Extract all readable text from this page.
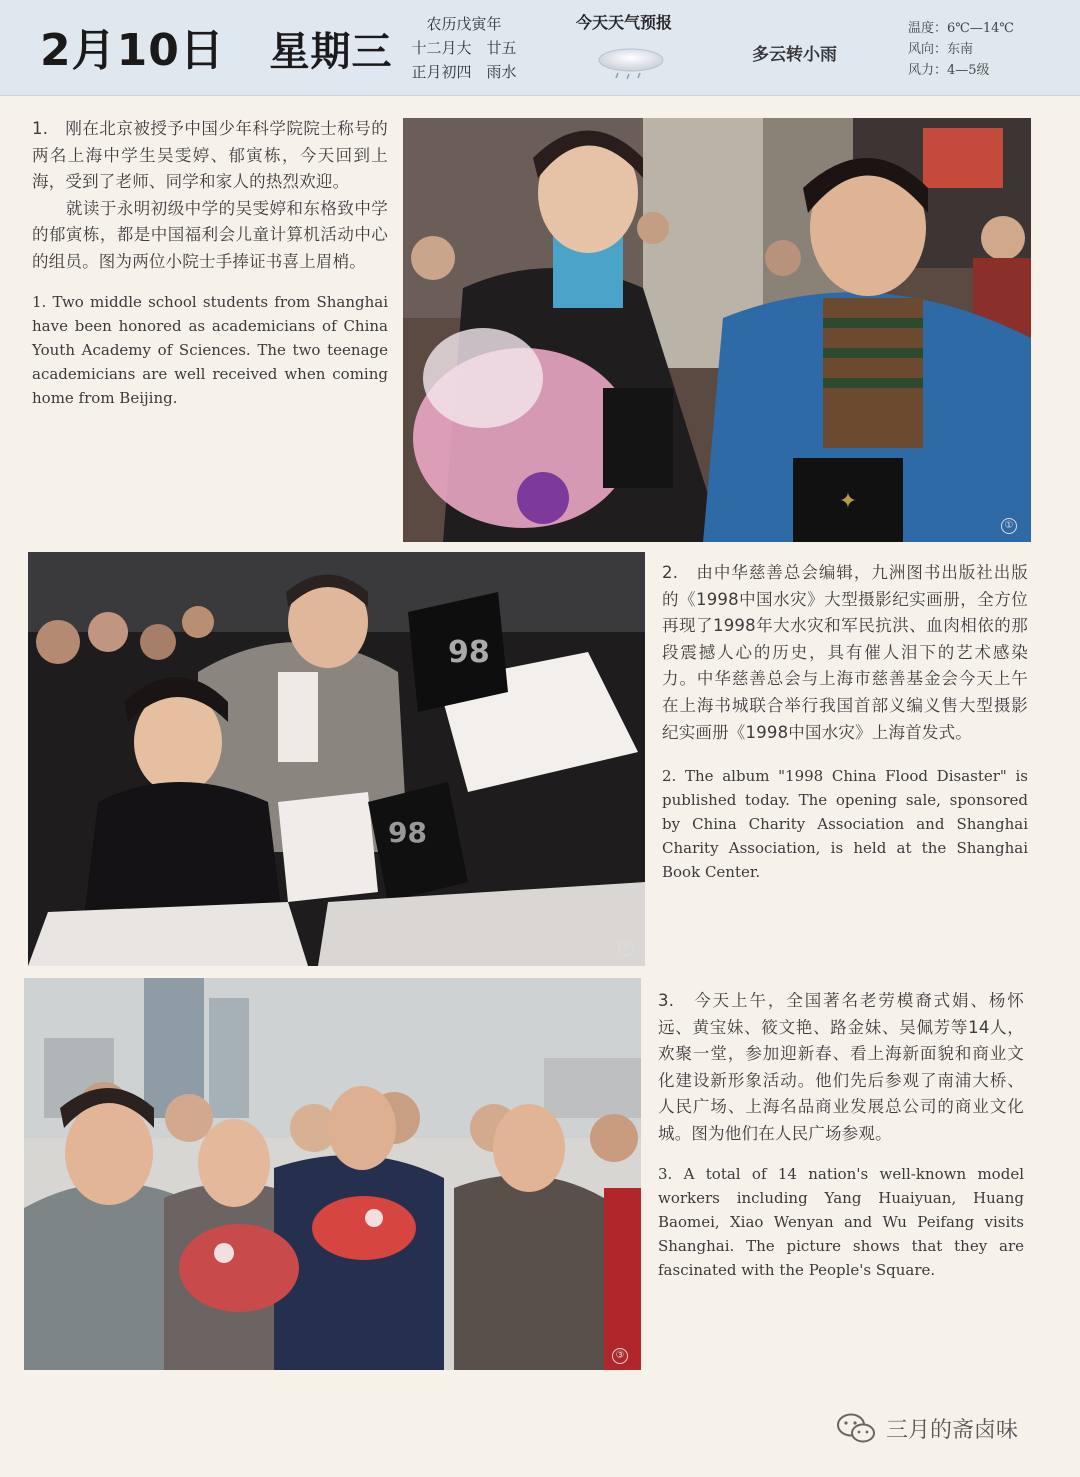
2月10日 星期三
农历戊寅年
十二月大　廿五
正月初四　雨水
今天天气预报
多云转小雨
温度：6℃—14℃
风向：东南
风力：4—5级

1.　刚在北京被授予中国少年科学院院士称号的两名上海中学生吴雯婷、郁寅栋，今天回到上海，受到了老师、同学和家人的热烈欢迎。

　　就读于永明初级中学的吴雯婷和东格致中学的郁寅栋，都是中国福利会儿童计算机活动中心的组员。图为两位小院士手捧证书喜上眉梢。

1. Two middle school students from Shanghai have been honored as academicians of China Youth Academy of Sciences. The two teenage academicians are well received when coming home from Beijing.

✦
①
98
98
②

2.　由中华慈善总会编辑，九洲图书出版社出版的《1998中国水灾》大型摄影纪实画册，全方位再现了1998年大水灾和军民抗洪、血肉相依的那段震撼人心的历史，具有催人泪下的艺术感染力。中华慈善总会与上海市慈善基金会今天上午在上海书城联合举行我国首部义编义售大型摄影纪实画册《1998中国水灾》上海首发式。

2. The album "1998 China Flood Disaster" is published today. The opening sale, sponsored by China Charity Association and Shanghai Charity Association, is held at the Shanghai Book Center.

③

3.　今天上午，全国著名老劳模裔式娟、杨怀远、黄宝妹、筱文艳、路金妹、吴佩芳等14人，欢聚一堂，参加迎新春、看上海新面貌和商业文化建设新形象活动。他们先后参观了南浦大桥、人民广场、上海名品商业发展总公司的商业文化城。图为他们在人民广场参观。

3. A total of 14 nation's well-known model workers including Yang Huaiyuan, Huang Baomei, Xiao Wenyan and Wu Peifang visits Shanghai. The picture shows that they are fascinated with the People's Square.

三月的斋卤味
